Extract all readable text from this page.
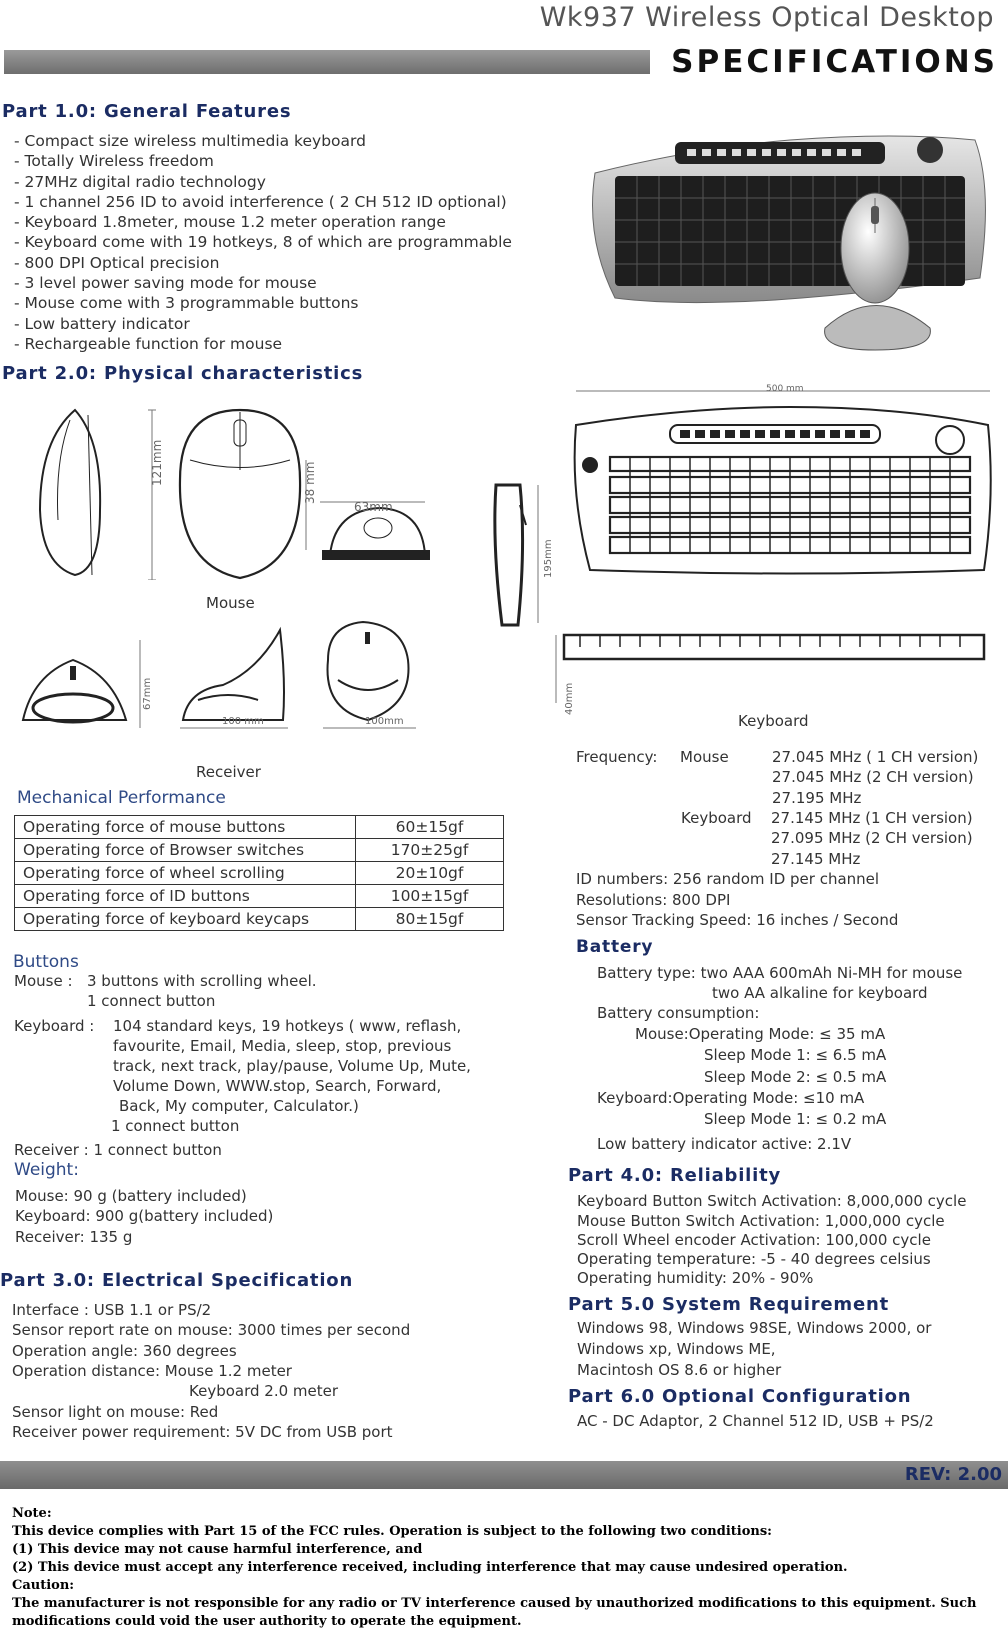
Wk937 Wireless Optical Desktop
SPECIFICATIONS
Part 1.0: General Features
- Compact size wireless multimedia keyboard
- Totally Wireless freedom
- 27MHz digital radio technology
- 1 channel 256 ID to avoid interference ( 2 CH 512 ID optional)
- Keyboard 1.8meter, mouse 1.2 meter operation range
- Keyboard come with 19 hotkeys, 8 of which are programmable
- 800 DPI Optical precision
- 3 level power saving mode for mouse
- Mouse come with 3 programmable buttons
- Low battery indicator
- Rechargeable function for mouse
Part 2.0: Physical characteristics
121mm	38 mm
63mm
Mouse
67mm
100 mm	100mm
Receiver
500 mm
195mm
40mm
Keyboard
Mechanical Performance
Operating force of mouse buttons	60±15gf
Operating force of Browser switches	170±25gf
Operating force of wheel scrolling	20±10gf
Operating force of ID buttons	100±15gf
Operating force of keyboard keycaps	80±15gf
Buttons
Mouse : 3 buttons with scrolling wheel.
1 connect button
Keyboard : 104 standard keys, 19 hotkeys ( www, reflash,
favourite, Email, Media, sleep, stop, previous
track, next track, play/pause, Volume Up, Mute,
Volume Down, WWW.stop, Search, Forward,
Back, My computer, Calculator.)
1 connect button
Receiver : 1 connect button
Weight:
Mouse: 90 g (battery included)
Keyboard: 900 g(battery included)
Receiver: 135 g
Part 3.0: Electrical Specification
Interface : USB 1.1 or PS/2
Sensor report rate on mouse: 3000 times per second
Operation angle: 360 degrees
Operation distance: Mouse 1.2 meter
Keyboard 2.0 meter
Sensor light on mouse: Red
Receiver power requirement: 5V DC from USB port
Frequency: Mouse	27.045 MHz ( 1 CH version)
27.045 MHz (2 CH version)
27.195 MHz
Keyboard 27.145 MHz (1 CH version)
27.095 MHz (2 CH version)
27.145 MHz
ID numbers: 256 random ID per channel
Resolutions: 800 DPI
Sensor Tracking Speed: 16 inches / Second
Battery
Battery type: two AAA 600mAh Ni-MH for mouse
two AA alkaline for keyboard
Battery consumption:
Mouse:Operating Mode: ≤ 35 mA
Sleep Mode 1: ≤ 6.5 mA
Sleep Mode 2: ≤ 0.5 mA
Keyboard:Operating Mode: ≤10 mA
Sleep Mode 1: ≤ 0.2 mA
Low battery indicator active: 2.1V
Part 4.0: Reliability
Keyboard Button Switch Activation: 8,000,000 cycle
Mouse Button Switch Activation: 1,000,000 cycle
Scroll Wheel encoder Activation: 100,000 cycle
Operating temperature: -5 - 40 degrees celsius
Operating humidity: 20% - 90%
Part 5.0 System Requirement
Windows 98, Windows 98SE, Windows 2000, or
Windows xp, Windows ME,
Macintosh OS 8.6 or higher
Part 6.0 Optional Configuration
AC - DC Adaptor, 2 Channel 512 ID, USB + PS/2
REV: 2.00
Note:
This device complies with Part 15 of the FCC rules. Operation is subject to the following two conditions:
(1) This device may not cause harmful interference, and
(2) This device must accept any interference received, including interference that may cause undesired operation.
Caution:
The manufacturer is not responsible for any radio or TV interference caused by unauthorized modifications to this equipment. Such modifications could void the user authority to operate the equipment.
